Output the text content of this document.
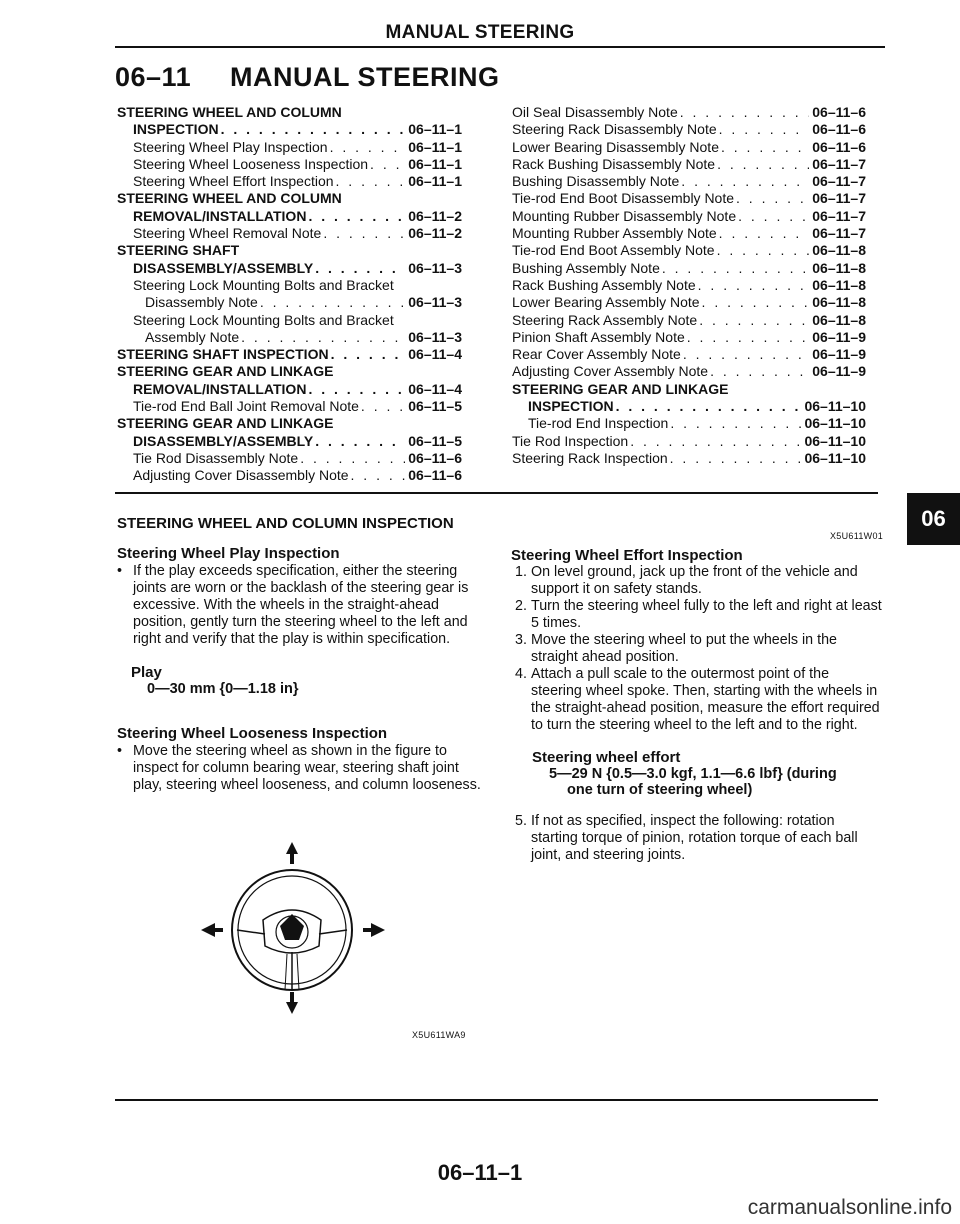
MANUAL STEERING
06–11 MANUAL STEERING
STEERING WHEEL AND COLUMN
INSPECTION . . .	06–11–1
Steering Wheel Play Inspection . . .	06–11–1
Steering Wheel Looseness Inspection . . .	06–11–1
Steering Wheel Effort Inspection . . .	06–11–1
STEERING WHEEL AND COLUMN
REMOVAL/INSTALLATION . . .	06–11–2
Steering Wheel Removal Note . . .	06–11–2
STEERING SHAFT
DISASSEMBLY/ASSEMBLY . . .	06–11–3
Steering Lock Mounting Bolts and Bracket
Disassembly Note . . .	06–11–3
Steering Lock Mounting Bolts and Bracket
Assembly Note . . .	06–11–3
STEERING SHAFT INSPECTION . . .	06–11–4
STEERING GEAR AND LINKAGE
REMOVAL/INSTALLATION . . .	06–11–4
Tie-rod End Ball Joint Removal Note . . .	06–11–5
STEERING GEAR AND LINKAGE
DISASSEMBLY/ASSEMBLY . . .	06–11–5
Tie Rod Disassembly Note . . .	06–11–6
Adjusting Cover Disassembly Note . . .	06–11–6
Oil Seal Disassembly Note . . .	06–11–6
Steering Rack Disassembly Note . . .	06–11–6
Lower Bearing Disassembly Note . . .	06–11–6
Rack Bushing Disassembly Note . . .	06–11–7
Bushing Disassembly Note . . .	06–11–7
Tie-rod End Boot Disassembly Note . . .	06–11–7
Mounting Rubber Disassembly Note . . .	06–11–7
Mounting Rubber Assembly Note . . .	06–11–7
Tie-rod End Boot Assembly Note . . .	06–11–8
Bushing Assembly Note . . .	06–11–8
Rack Bushing Assembly Note . . .	06–11–8
Lower Bearing Assembly Note . . .	06–11–8
Steering Rack Assembly Note . . .	06–11–8
Pinion Shaft Assembly Note . . .	06–11–9
Rear Cover Assembly Note . . .	06–11–9
Adjusting Cover Assembly Note . . .	06–11–9
STEERING GEAR AND LINKAGE
INSPECTION . . .	06–11–10
Tie-rod End Inspection . . .	06–11–10
Tie Rod Inspection . . .	06–11–10
Steering Rack Inspection . . .	06–11–10
06
STEERING WHEEL AND COLUMN INSPECTION
Steering Wheel Play Inspection
• If the play exceeds specification, either the steering joints are worn or the backlash of the steering gear is excessive. With the wheels in the straight-ahead position, gently turn the steering wheel to the left and right and verify that the play is within specification.
Play
0—30 mm {0—1.18 in}
Steering Wheel Looseness Inspection
• Move the steering wheel as shown in the figure to inspect for column bearing wear, steering shaft joint play, steering wheel looseness, and column looseness.
X5U611WA9
X5U611W01
Steering Wheel Effort Inspection
1. On level ground, jack up the front of the vehicle and support it on safety stands.
2. Turn the steering wheel fully to the left and right at least 5 times.
3. Move the steering wheel to put the wheels in the straight ahead position.
4. Attach a pull scale to the outermost point of the steering wheel spoke. Then, starting with the wheels in the straight-ahead position, measure the effort required to turn the steering wheel to the left and to the right.
Steering wheel effort
5—29 N {0.5—3.0 kgf, 1.1—6.6 lbf} (during
one turn of steering wheel)
5. If not as specified, inspect the following: rotation starting torque of pinion, rotation torque of each ball joint, and steering joints.
06–11–1
carmanualsonline.info
